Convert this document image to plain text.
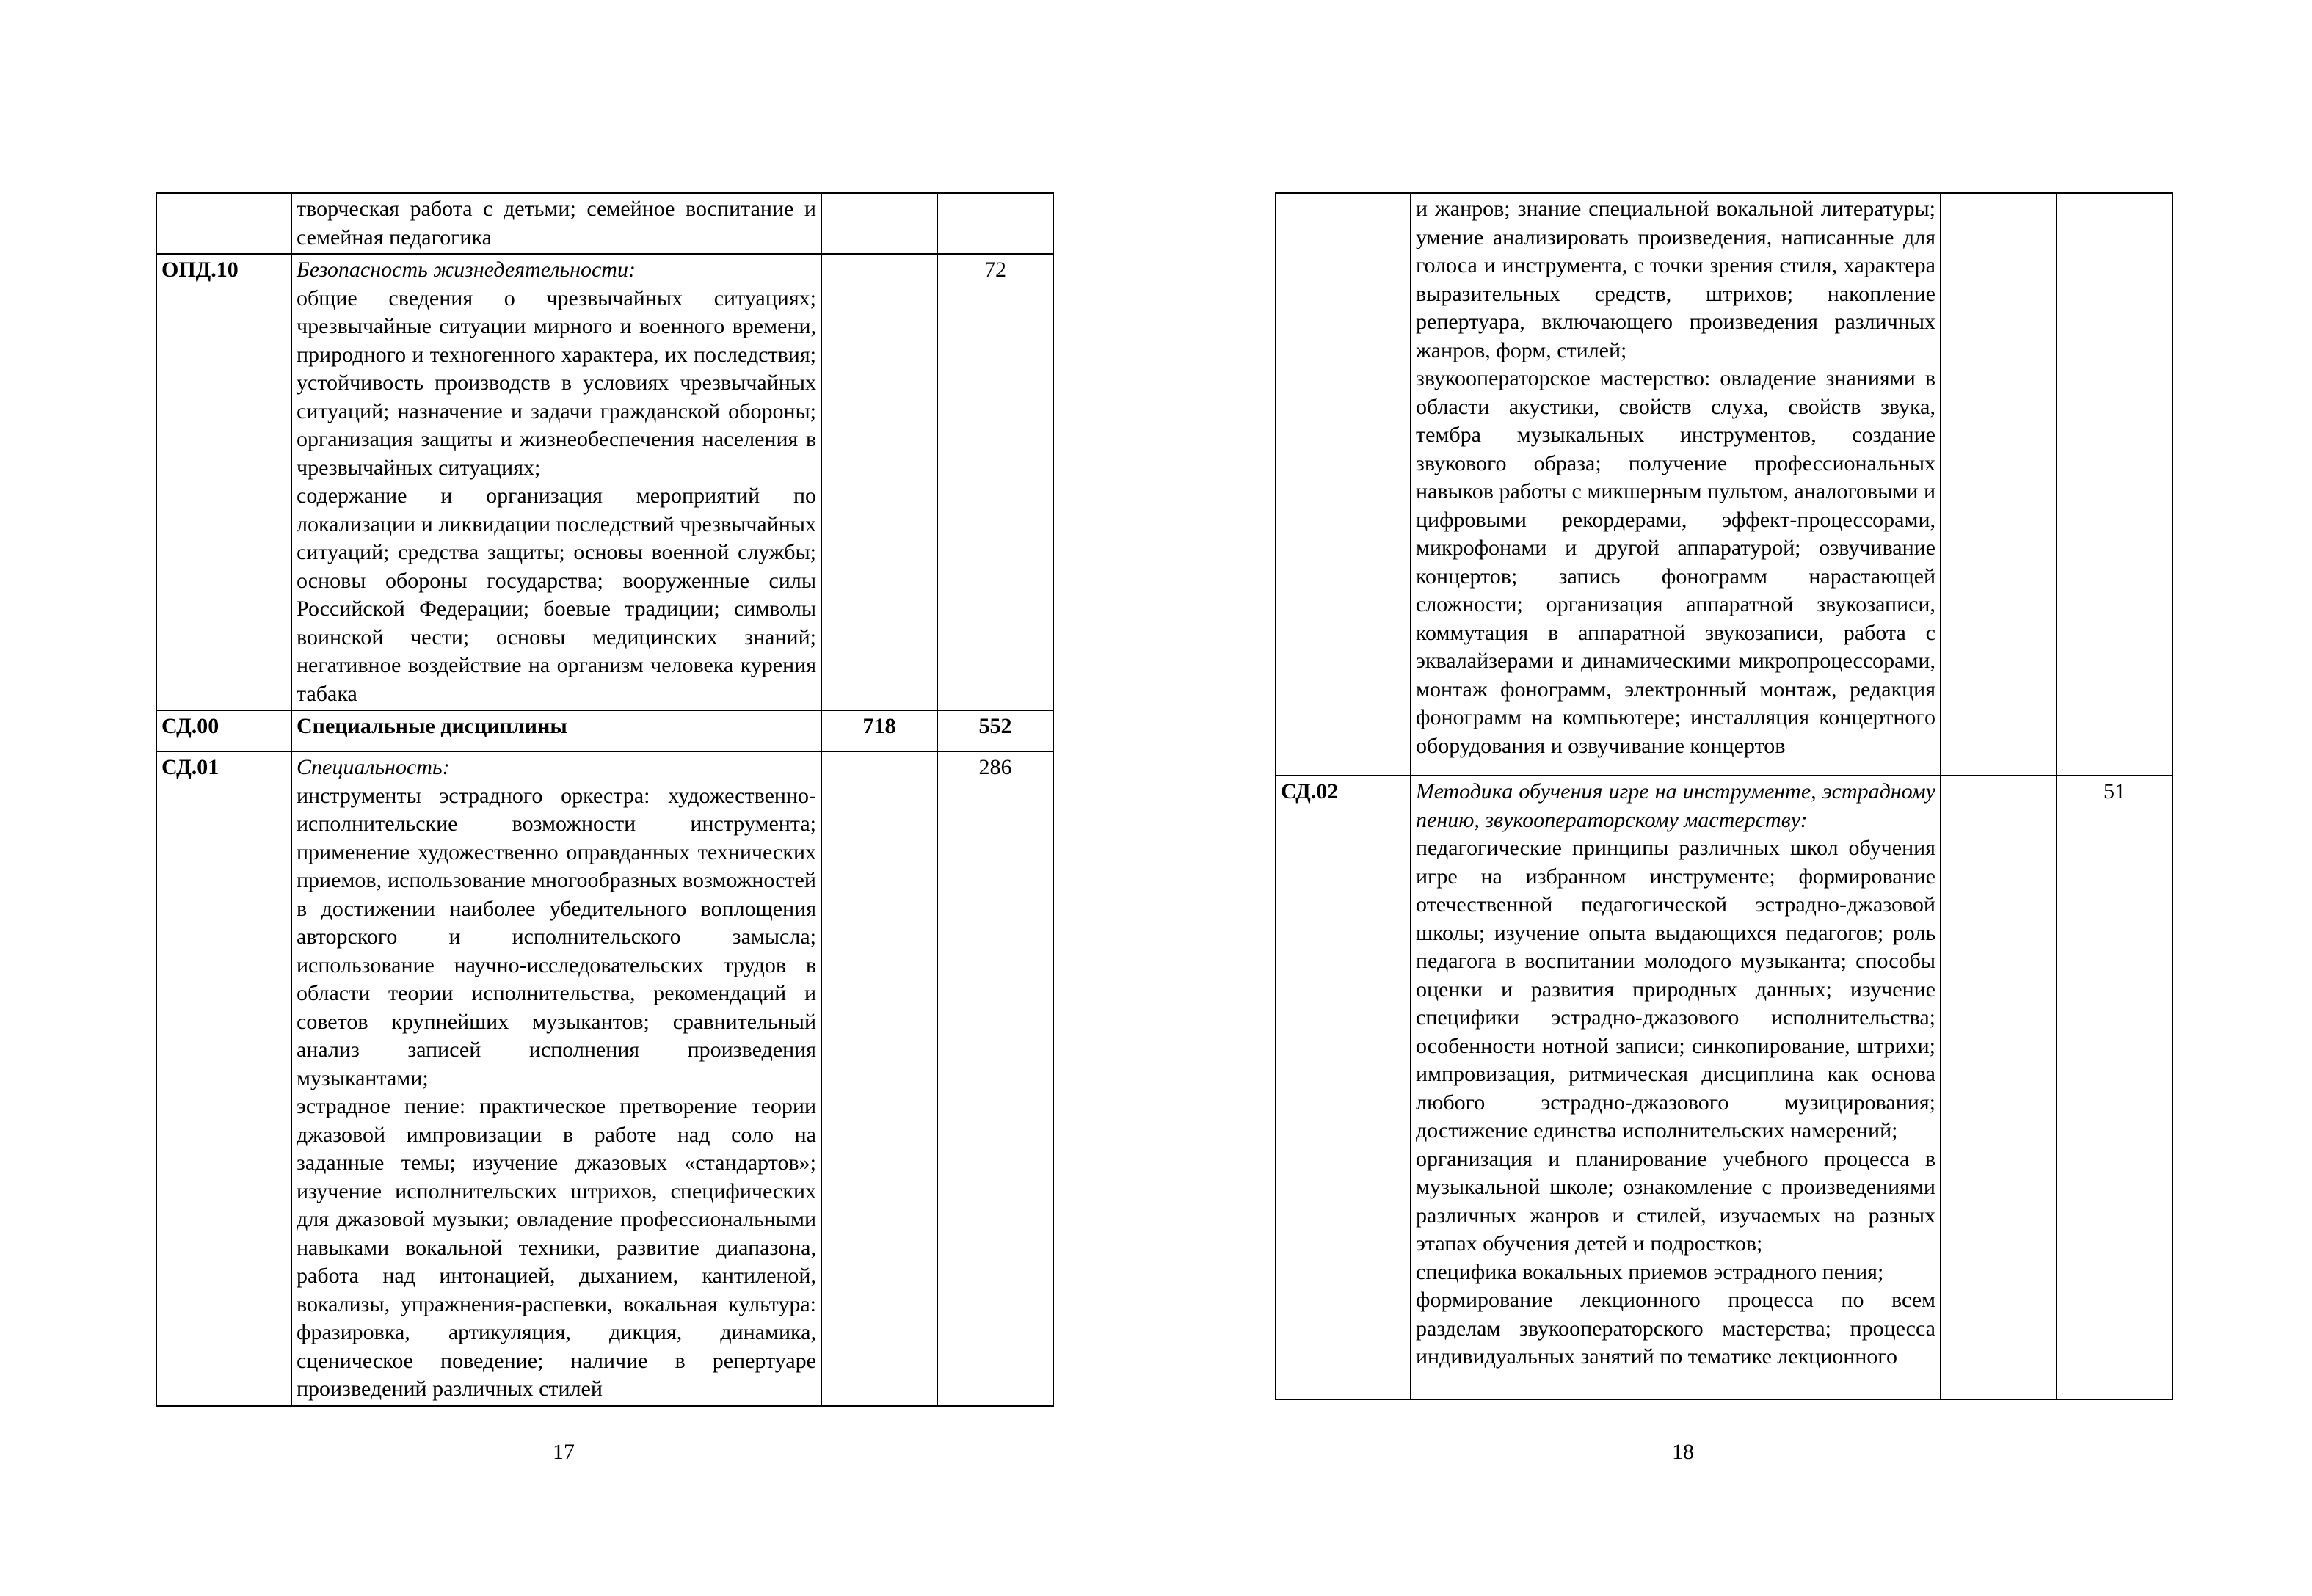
	творческая работа с детьми; семейное воспитание и семейная педагогика		

ОПД.10	Безопасность жизнедеятельности:
общие сведения о чрезвычайных ситуациях; чрезвычайные ситуации мирного и военного времени, природного и техногенного характера, их последствия; устойчивость производств в условиях чрезвычайных ситуаций; назначение и задачи гражданской обороны; организация защиты и жизнеобеспечения населения в чрезвычайных ситуациях;
содержание и организация мероприятий по локализации и ликвидации последствий чрезвычайных ситуаций; средства защиты; основы военной службы; основы обороны государства; вооруженные силы Российской Федерации; боевые традиции; символы воинской чести; основы медицинских знаний; негативное воздействие на организм человека курения табака		72
СД.00	Специальные дисциплины	718	552
СД.01	Специальность:
инструменты эстрадного оркестра: художественно-исполнительские возможности инструмента; применение художественно оправданных технических приемов, использование многообразных возможностей в достижении наиболее убедительного воплощения авторского и исполнительского замысла; использование научно-исследовательских трудов в области теории исполнительства, рекомендаций и советов крупнейших музыкантов; сравнительный анализ записей исполнения произведения музыкантами;
эстрадное пение: практическое претворение теории джазовой импровизации в работе над соло на заданные темы; изучение джазовых «стандартов»; изучение исполнительских штрихов, специфических для джазовой музыки; овладение профессиональными навыками вокальной техники, развитие диапазона, работа над интонацией, дыханием, кантиленой, вокализы, упражнения-распевки, вокальная культура: фразировка, артикуляция, дикция, динамика, сценическое поведение; наличие в репертуаре произведений различных стилей		286
17

	и жанров; знание специальной вокальной литературы; умение анализировать произведения, написанные для голоса и инструмента, с точки зрения стиля, характера выразительных средств, штрихов; накопление репертуара, включающего произведения различных жанров, форм, стилей;
звукооператорское мастерство: овладение знаниями в области акустики, свойств слуха, свойств звука, тембра музыкальных инструментов, создание звукового образа; получение профессиональных навыков работы с микшерным пультом, аналоговыми и цифровыми рекордерами, эффект-процессорами, микрофонами и другой аппаратурой; озвучивание концертов; запись фонограмм нарастающей сложности; организация аппаратной звукозаписи, коммутация в аппаратной звукозаписи, работа с эквалайзерами и динамическими микропроцессорами, монтаж фонограмм, электронный монтаж, редакция фонограмм на компьютере; инсталляция концертного оборудования и озвучивание концертов		

СД.02	Методика обучения игре на инструменте, эстрадному пению, звукооператорскому мастерству:
педагогические принципы различных школ обучения игре на избранном инструменте; формирование отечественной педагогической эстрадно-джазовой школы; изучение опыта выдающихся педагогов; роль педагога в воспитании молодого музыканта; способы оценки и развития природных данных; изучение специфики эстрадно-джазового исполнительства; особенности нотной записи; синкопирование, штрихи; импровизация, ритмическая дисциплина как основа любого эстрадно-джазового музицирования; достижение единства исполнительских намерений;
организация и планирование учебного процесса в музыкальной школе; ознакомление с произведениями различных жанров и стилей, изучаемых на разных этапах обучения детей и подростков;
специфика вокальных приемов эстрадного пения;
формирование лекционного процесса по всем разделам звукооператорского мастерства; процесса индивидуальных занятий по тематике лекционного		51
18
